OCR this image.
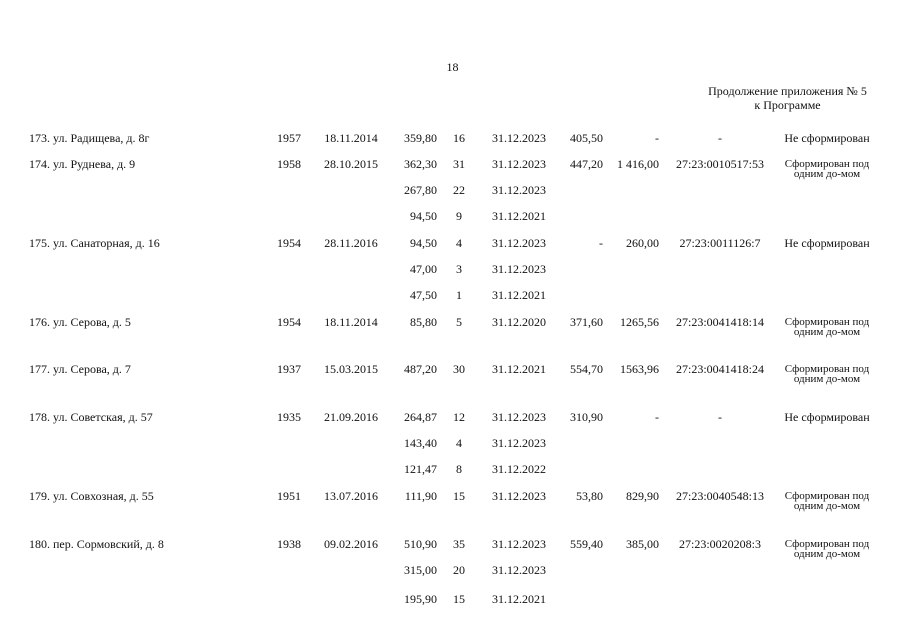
18
Продолжение приложения № 5
к Программе
173. ул. Радищева, д. 8г	1957	18.11.2014	359,80	16	31.12.2023	405,50	-	-	Не сформирован
174. ул. Руднева, д. 9	1958	28.10.2015	362,30	31	31.12.2023	447,20	1 416,00	27:23:0010517:53	Сформирован под одним до-мом
267,80	22	31.12.2023
94,50	9	31.12.2021
175. ул. Санаторная, д. 16	1954	28.11.2016	94,50	4	31.12.2023	-	260,00	27:23:0011126:7	Не сформирован
47,00	3	31.12.2023
47,50	1	31.12.2021
176. ул. Серова, д. 5	1954	18.11.2014	85,80	5	31.12.2020	371,60	1265,56	27:23:0041418:14	Сформирован под одним до-мом
177. ул. Серова, д. 7	1937	15.03.2015	487,20	30	31.12.2021	554,70	1563,96	27:23:0041418:24	Сформирован под одним до-мом
178. ул. Советская, д. 57	1935	21.09.2016	264,87	12	31.12.2023	310,90	-	-	Не сформирован
143,40	4	31.12.2023
121,47	8	31.12.2022
179. ул. Совхозная, д. 55	1951	13.07.2016	111,90	15	31.12.2023	53,80	829,90	27:23:0040548:13	Сформирован под одним до-мом
180. пер. Сормовский, д. 8	1938	09.02.2016	510,90	35	31.12.2023	559,40	385,00	27:23:0020208:3	Сформирован под одним до-мом
315,00	20	31.12.2023
195,90	15	31.12.2021
